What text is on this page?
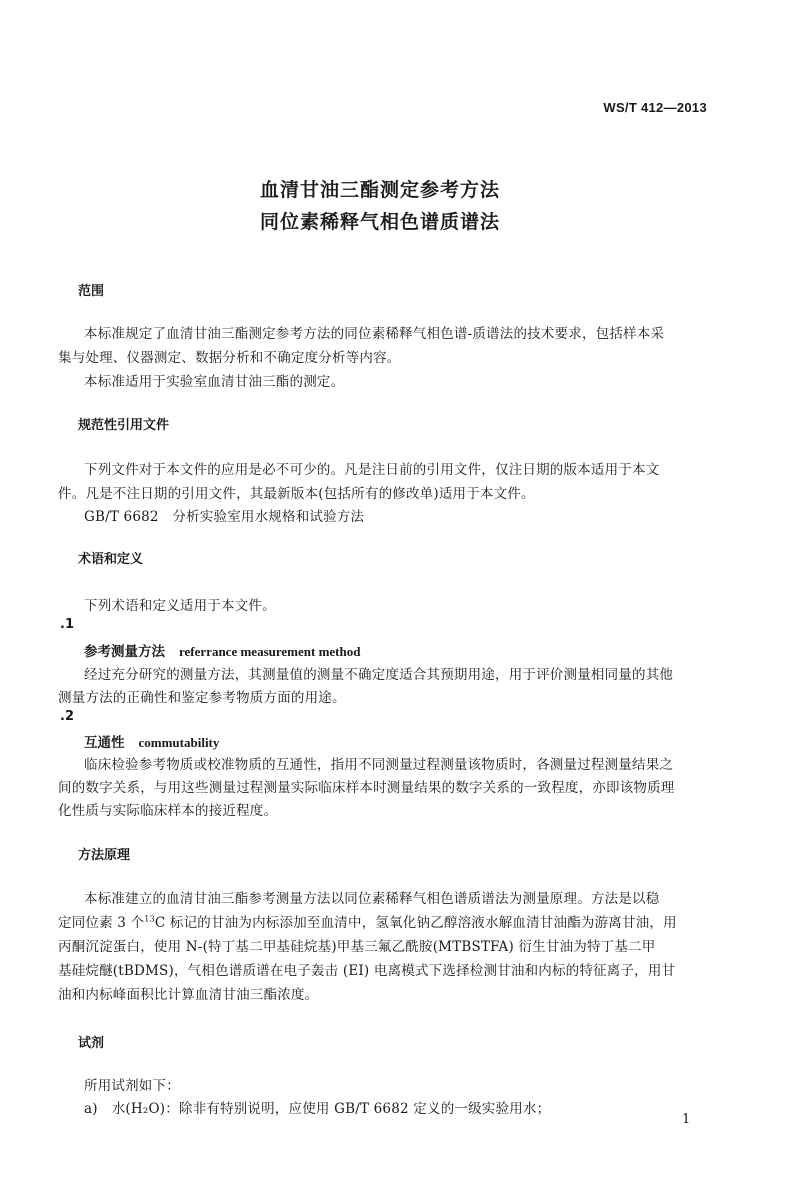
WS/T 412—2013
血清甘油三酯测定参考方法
同位素稀释气相色谱质谱法
范围
本标准规定了血清甘油三酯测定参考方法的同位素稀释气相色谱-质谱法的技术要求，包括样本采
集与处理、仪器测定、数据分析和不确定度分析等内容。
本标准适用于实验室血清甘油三酯的测定。
规范性引用文件
下列文件对于本文件的应用是必不可少的。凡是注日前的引用文件，仅注日期的版本适用于本文
件。凡是不注日期的引用文件，其最新版本(包括所有的修改单)适用于本文件。
GB/T 6682　分析实验室用水规格和试验方法
术语和定义
下列术语和定义适用于本文件。
.1
参考测量方法 referrance measurement method
经过充分研究的测量方法，其测量值的测量不确定度适合其预期用途，用于评价测量相同量的其他
测量方法的正确性和鉴定参考物质方面的用途。
.2
互通性 commutability
临床检验参考物质或校准物质的互通性，指用不同测量过程测量该物质时，各测量过程测量结果之
间的数字关系，与用这些测量过程测量实际临床样本时测量结果的数字关系的一致程度，亦即该物质理
化性质与实际临床样本的接近程度。
方法原理
本标准建立的血清甘油三酯参考测量方法以同位素稀释气相色谱质谱法为测量原理。方法是以稳
定同位素 3 个$^{13}$C 标记的甘油为内标添加至血清中，氢氧化钠乙醇溶液水解血清甘油酯为游离甘油，用
丙酮沉淀蛋白，使用 N-(特丁基二甲基硅烷基)甲基三氟乙酰胺(MTBSTFA) 衍生甘油为特丁基二甲
基硅烷醚(tBDMS)，气相色谱质谱在电子轰击 (EI) 电离模式下选择检测甘油和内标的特征离子，用甘
油和内标峰面积比计算血清甘油三酯浓度。
试剂
所用试剂如下：
a) 水(H₂O)：除非有特别说明，应使用 GB/T 6682 定义的一级实验用水；
1
